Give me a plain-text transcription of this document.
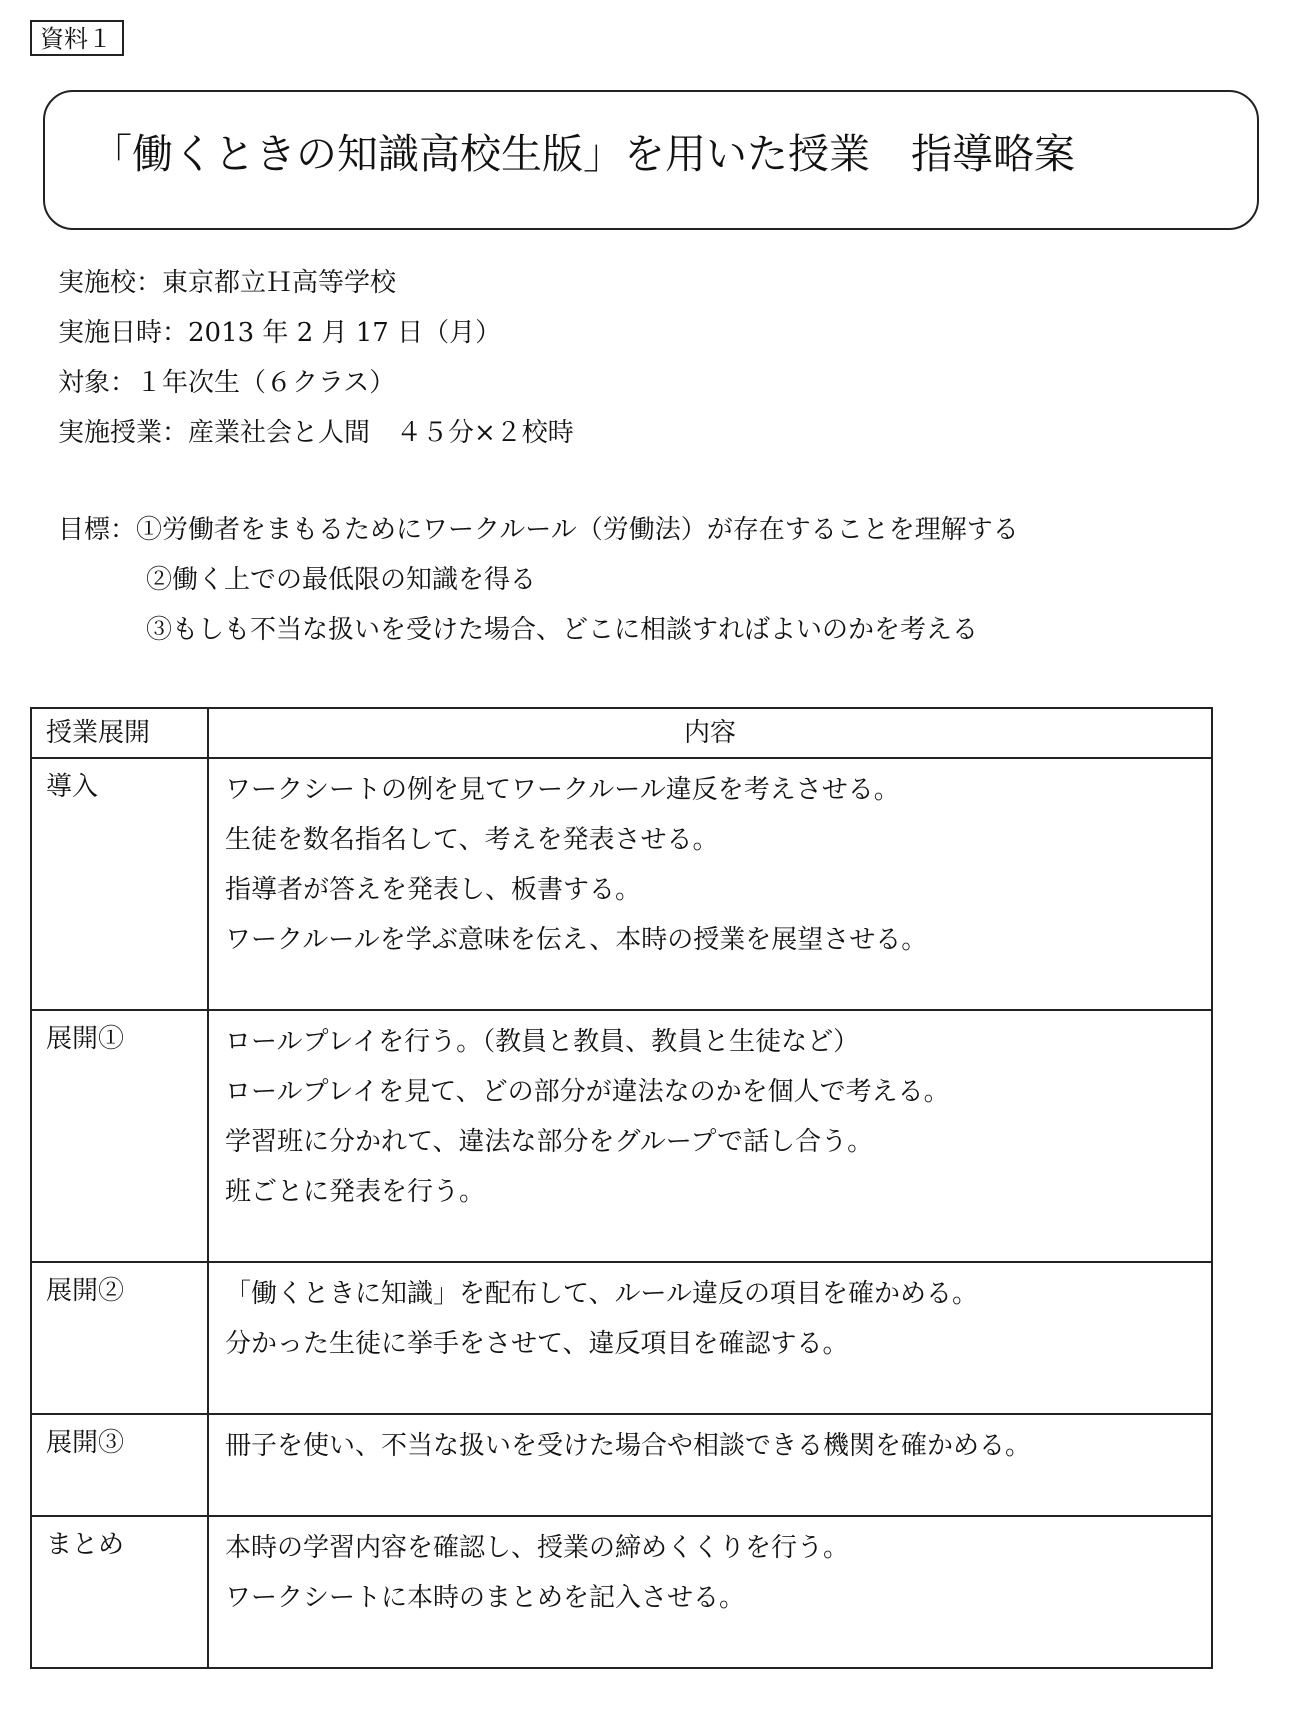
資料１
「働くときの知識高校生版」を用いた授業　指導略案
実施校：東京都立Ｈ高等学校
実施日時：2013 年 2 月 17 日（月）
対象：１年次生（６クラス）
実施授業：産業社会と人間　４５分×２校時
目標：①労働者をまもるためにワークルール（労働法）が存在することを理解する
②働く上での最低限の知識を得る
③もしも不当な扱いを受けた場合、どこに相談すればよいのかを考える
授業展開	内容
導入	ワークシートの例を見てワークルール違反を考えさせる。
生徒を数名指名して、考えを発表させる。
指導者が答えを発表し、板書する。
ワークルールを学ぶ意味を伝え、本時の授業を展望させる。

展開①	ロールプレイを行う。（教員と教員、教員と生徒など）
ロールプレイを見て、どの部分が違法なのかを個人で考える。
学習班に分かれて、違法な部分をグループで話し合う。
班ごとに発表を行う。

展開②	「働くときに知識」を配布して、ルール違反の項目を確かめる。
分かった生徒に挙手をさせて、違反項目を確認する。

展開③	冊子を使い、不当な扱いを受けた場合や相談できる機関を確かめる。

まとめ	本時の学習内容を確認し、授業の締めくくりを行う。
ワークシートに本時のまとめを記入させる。
